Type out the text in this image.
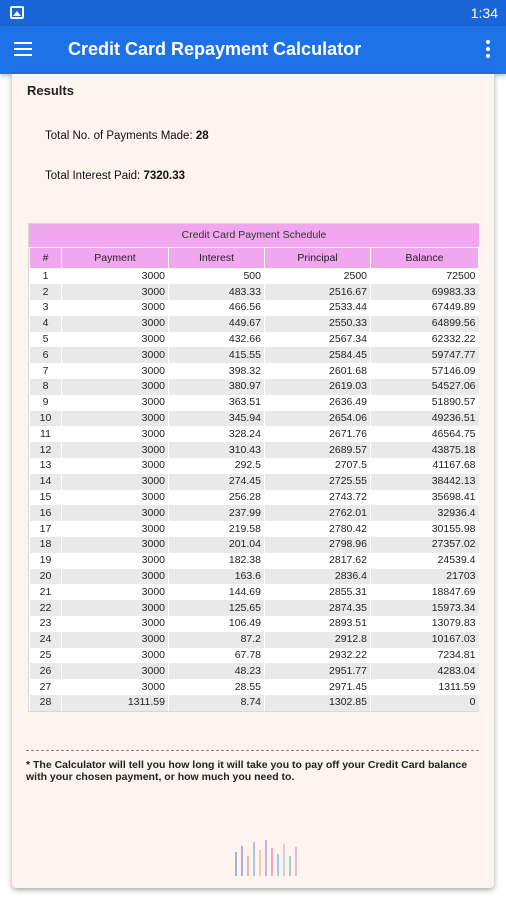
1:34
Credit Card Repayment Calculator
Results
Total No. of Payments Made: 28
Total Interest Paid: 7320.33
Credit Card Payment Schedule
#	Payment	Interest	Principal	Balance
1	3000	500	2500	72500
2	3000	483.33	2516.67	69983.33
3	3000	466.56	2533.44	67449.89
4	3000	449.67	2550.33	64899.56
5	3000	432.66	2567.34	62332.22
6	3000	415.55	2584.45	59747.77
7	3000	398.32	2601.68	57146.09
8	3000	380.97	2619.03	54527.06
9	3000	363.51	2636.49	51890.57
10	3000	345.94	2654.06	49236.51
11	3000	328.24	2671.76	46564.75
12	3000	310.43	2689.57	43875.18
13	3000	292.5	2707.5	41167.68
14	3000	274.45	2725.55	38442.13
15	3000	256.28	2743.72	35698.41
16	3000	237.99	2762.01	32936.4
17	3000	219.58	2780.42	30155.98
18	3000	201.04	2798.96	27357.02
19	3000	182.38	2817.62	24539.4
20	3000	163.6	2836.4	21703
21	3000	144.69	2855.31	18847.69
22	3000	125.65	2874.35	15973.34
23	3000	106.49	2893.51	13079.83
24	3000	87.2	2912.8	10167.03
25	3000	67.78	2932.22	7234.81
26	3000	48.23	2951.77	4283.04
27	3000	28.55	2971.45	1311.59
28	1311.59	8.74	1302.85	0
* The Calculator will tell you how long it will take you to pay off your Credit Card balance with your chosen payment, or how much you need to.
